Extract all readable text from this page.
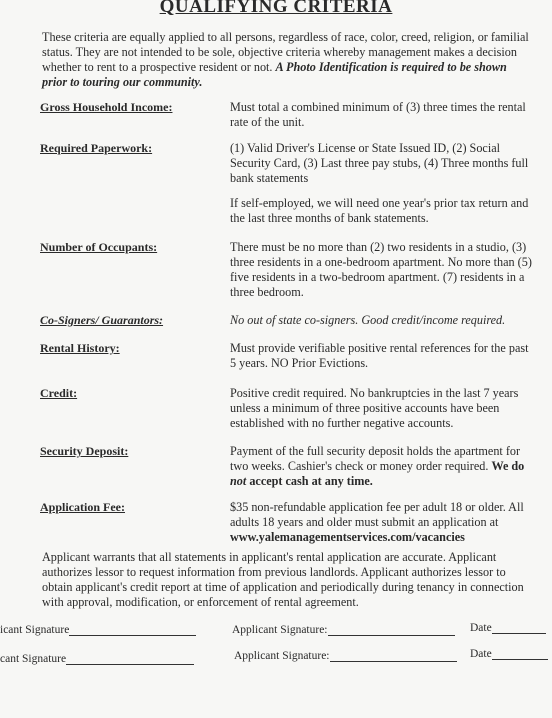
QUALIFYING CRITERIA
These criteria are equally applied to all persons, regardless of race, color, creed, religion, or familial status. They are not intended to be sole, objective criteria whereby management makes a decision whether to rent to a prospective resident or not. A Photo Identification is required to be shown prior to touring our community.
Gross Household Income:	Must total a combined minimum of (3) three times the rental rate of the unit.
Required Paperwork:	(1) Valid Driver's License or State Issued ID, (2) Social Security Card, (3) Last three pay stubs, (4) Three months full bank statements
If self-employed, we will need one year's prior tax return and the last three months of bank statements.
Number of Occupants:	There must be no more than (2) two residents in a studio, (3) three residents in a one-bedroom apartment. No more than (5) five residents in a two-bedroom apartment. (7) residents in a three bedroom.
Co-Signers/ Guarantors:	No out of state co-signers. Good credit/income required.
Rental History:	Must provide verifiable positive rental references for the past 5 years. NO Prior Evictions.
Credit:	Positive credit required. No bankruptcies in the last 7 years unless a minimum of three positive accounts have been established with no further negative accounts.
Security Deposit:	Payment of the full security deposit holds the apartment for two weeks. Cashier's check or money order required. We do not accept cash at any time.
Application Fee:	$35 non-refundable application fee per adult 18 or older. All adults 18 years and older must submit an application at www.yalemanagementservices.com/vacancies
Applicant warrants that all statements in applicant's rental application are accurate. Applicant authorizes lessor to request information from previous landlords. Applicant authorizes lessor to obtain applicant's credit report at time of application and periodically during tenancy in connection with approval, modification, or enforcement of rental agreement.
icant Signature	Applicant Signature:	Date
cant Signature	Applicant Signature:	Date
